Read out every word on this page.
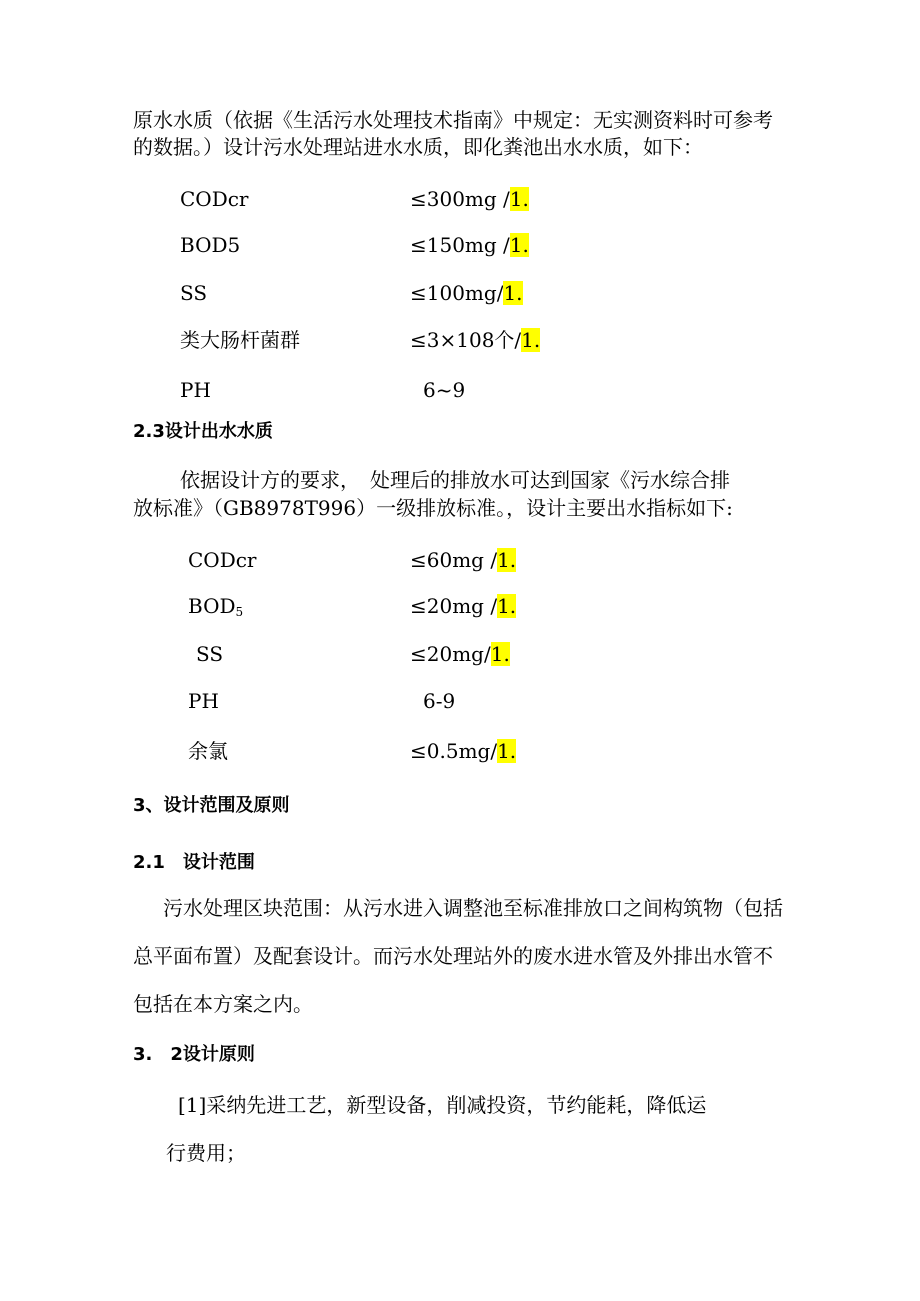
原水水质（依据《生活污水处理技术指南》中规定：无实测资料时可参考
的数据。）设计污水处理站进水水质，即化粪池出水水质，如下：
CODcr	≤300mg /1.
BOD5	≤150mg /1.
SS	≤100mg/1.
类大肠杆菌群	≤3×108个/1.
PH	6~9
2.3设计出水水质
依据设计方的要求，　处理后的排放水可达到国家《污水综合排
放标准》（GB8978T996）一级排放标准。，设计主要出水指标如下:
CODcr	≤60mg /1.
$BOD_5$	≤20mg /1.
SS	≤20mg/1.
PH	6-9
余氯	≤0.5mg/1.
3、设计范围及原则
2.1　设计范围
污水处理区块范围：从污水进入调整池至标准排放口之间构筑物（包括
总平面布置）及配套设计。而污水处理站外的废水进水管及外排出水管不
包括在本方案之内。
3.　2设计原则
[1]采纳先进工艺，新型设备，削减投资，节约能耗，降低运
行费用；
